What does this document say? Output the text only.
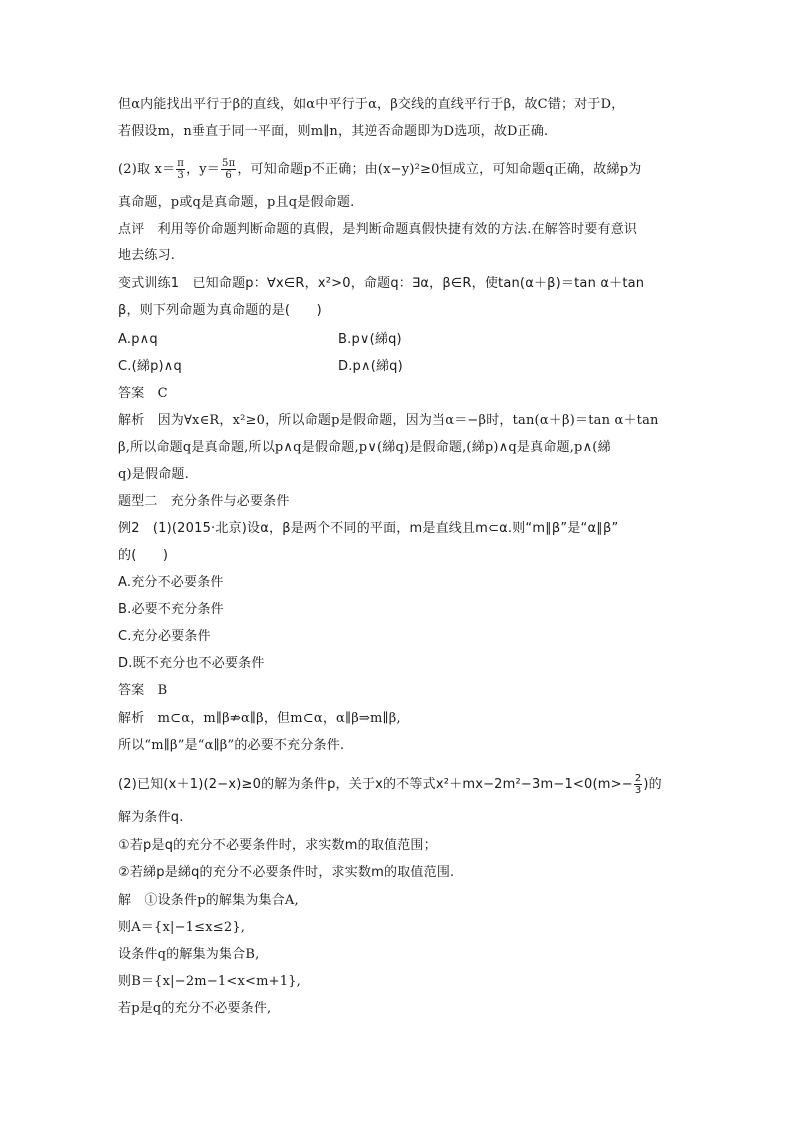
但α内能找出平行于β的直线，如α中平行于α，β交线的直线平行于β，故C错；对于D，
若假设m，n垂直于同一平面，则m∥n，其逆否命题即为D选项，故D正确.
(2)取 $x= \frac{\pi}{3}$ ，$y= \frac{5\pi}{6}$ ，可知命题p不正确；由(x−y)²≥0恒成立，可知命题q正确，故綈p为
真命题，p或q是真命题，p且q是假命题.
点评　利用等价命题判断命题的真假，是判断命题真假快捷有效的方法.在解答时要有意识
地去练习.
变式训练1　已知命题p：∀x∈R，x²>0，命题q：∃α，β∈R，使tan(α＋β)＝tan α＋tan
β，则下列命题为真命题的是(　　)
A.p∧q	B.p∨(綈q)
C.(綈p)∧q	D.p∧(綈q)
答案　C
解析　因为∀x∈R，x²≥0，所以命题p是假命题，因为当α＝−β时，tan(α＋β)＝tan α＋tan
β,所以命题q是真命题,所以p∧q是假命题,p∨(綈q)是假命题,(綈p)∧q是真命题,p∧(綈
q)是假命题.
题型二　充分条件与必要条件
例2　(1)(2015·北京)设α，β是两个不同的平面，m是直线且m⊂α.则“m∥β”是“α∥β”
的(　　)
A.充分不必要条件
B.必要不充分条件
C.充分必要条件
D.既不充分也不必要条件
答案　B
解析　m⊂α，m∥β⇏α∥β，但m⊂α，α∥β⇒m∥β,
所以“m∥β”是“α∥β”的必要不充分条件.
(2)已知(x＋1)(2−x)≥0的解为条件p，关于x的不等式$x^2+mx-2m^2-3m-1<0(m>- \frac{2}{3}$ )的
解为条件q.
①若p是q的充分不必要条件时，求实数m的取值范围；
②若綈p是綈q的充分不必要条件时，求实数m的取值范围.
解　①设条件p的解集为集合A,
则A＝{x|−1≤x≤2},
设条件q的解集为集合B,
则B＝{x|−2m−1<x<m+1},
若p是q的充分不必要条件,
